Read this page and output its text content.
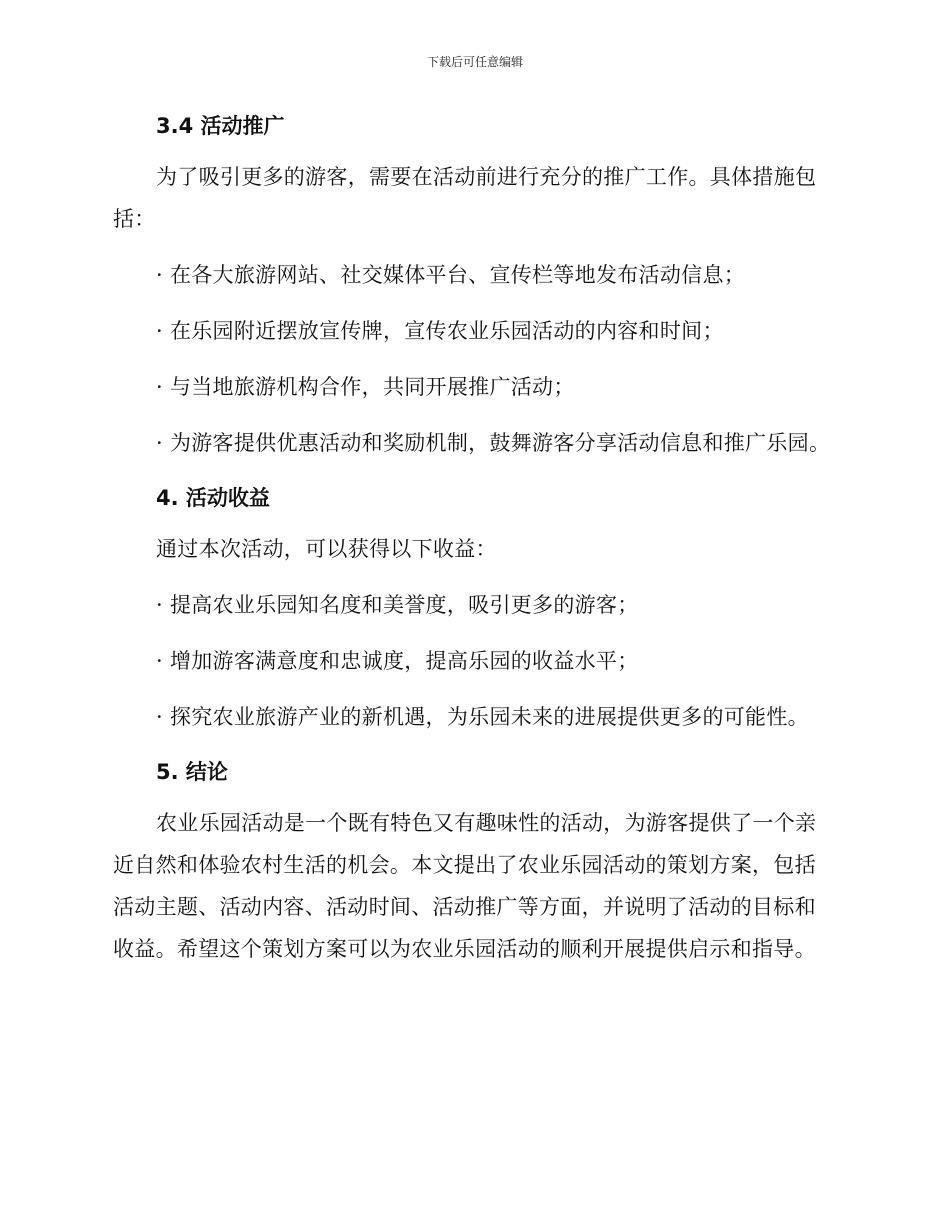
下载后可任意编辑
3.4 活动推广

为了吸引更多的游客，需要在活动前进行充分的推广工作。具体措施包括：

· 在各大旅游网站、社交媒体平台、宣传栏等地发布活动信息；

· 在乐园附近摆放宣传牌，宣传农业乐园活动的内容和时间；

· 与当地旅游机构合作，共同开展推广活动；

· 为游客提供优惠活动和奖励机制，鼓舞游客分享活动信息和推广乐园。

4. 活动收益

通过本次活动，可以获得以下收益：

· 提高农业乐园知名度和美誉度，吸引更多的游客；

· 增加游客满意度和忠诚度，提高乐园的收益水平；

· 探究农业旅游产业的新机遇，为乐园未来的进展提供更多的可能性。

5. 结论

农业乐园活动是一个既有特色又有趣味性的活动，为游客提供了一个亲近自然和体验农村生活的机会。本文提出了农业乐园活动的策划方案，包括活动主题、活动内容、活动时间、活动推广等方面，并说明了活动的目标和收益。希望这个策划方案可以为农业乐园活动的顺利开展提供启示和指导。
